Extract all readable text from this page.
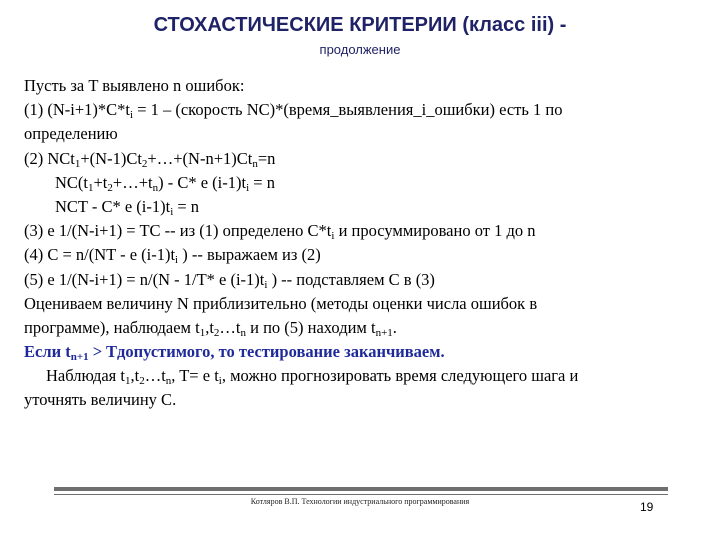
СТОХАСТИЧЕСКИЕ КРИТЕРИИ (класс iii) -
продолжение
Пусть за T выявлено n ошибок:
(1) $(N-i+1)*C*t_i = 1$ – (скорость NC)*(время_выявления_i_ошибки) есть 1 по
определению
(2) $NCt_1+(N-1)Ct_2+\dots+(N-n+1)Ct_n=n$
$NC(t_1+t_2+\dots+t_n) - C*$ e $(i-1)t_i = n$
NCT - C* e $(i-1)t_i = n$
(3) e 1/(N-i+1) = TC -- из (1) определено $C*t_i$ и просуммировано от 1 до n
(4) C = n/(NT - e $(i-1)t_i$ ) -- выражаем из (2)
(5) e 1/(N-i+1) = n/(N - 1/T* e $(i-1)t_i$ ) -- подставляем C в (3)
Оцениваем величину N приблизительно (методы оценки числа ошибок в
программе), наблюдаем $t_1,t_2\dots t_n$ и по (5) находим $t_{n+1}$.
Если $t_{n+1}$ > Tдопустимого, то тестирование заканчиваем.
Наблюдая $t_1,t_2\dots t_n$, T= e $t_i$, можно прогнозировать время следующего шага и
уточнять величину C.
Котляров В.П. Технологии индустриального программирования	19
